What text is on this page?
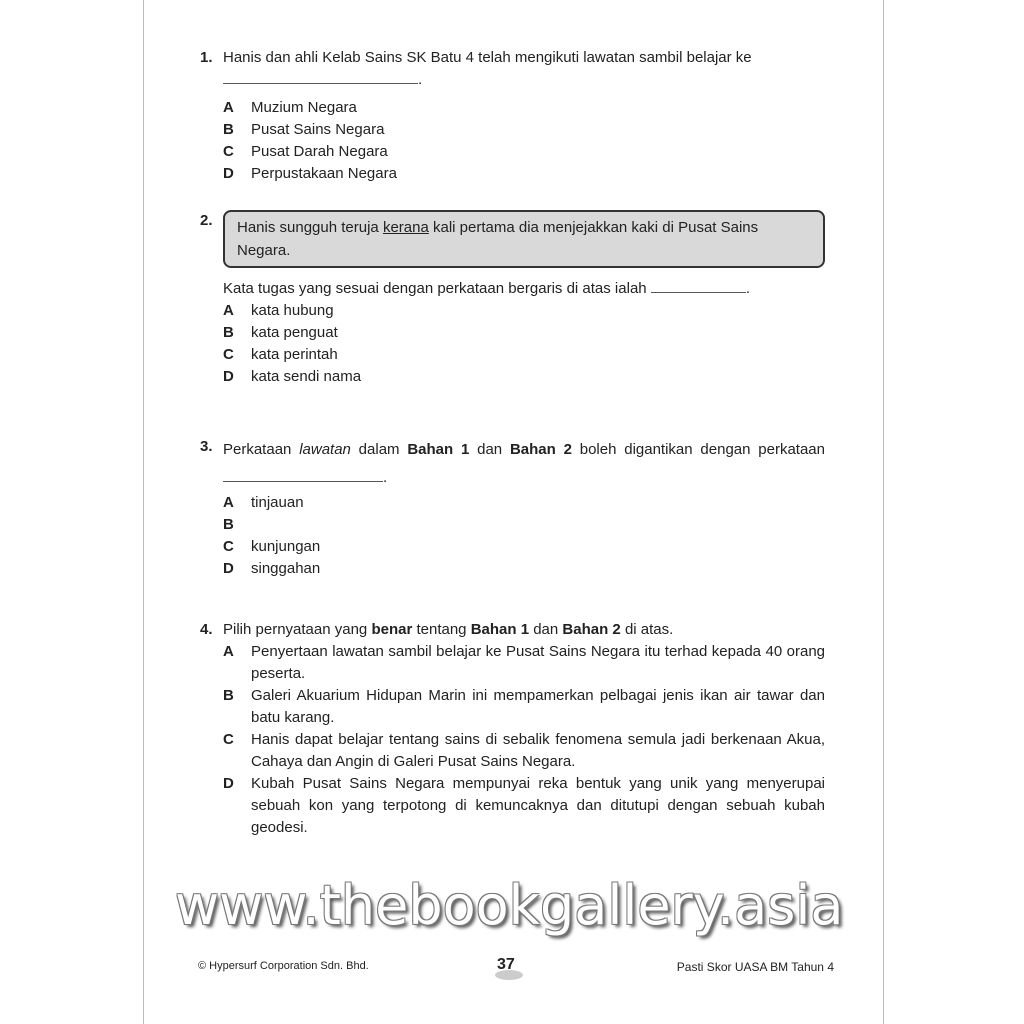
1. Hanis dan ahli Kelab Sains SK Batu 4 telah mengikuti lawatan sambil belajar ke
.
A	Muzium Negara
B	Pusat Sains Negara
C	Pusat Darah Negara
D	Perpustakaan Negara
2.	Hanis sungguh teruja kerana kali pertama dia menjejakkan kaki di Pusat Sains Negara.
Kata tugas yang sesuai dengan perkataan bergaris di atas ialah	.
A	kata hubung
B	kata penguat
C	kata perintah
D	kata sendi nama
3. Perkataan lawatan dalam Bahan 1 dan Bahan 2 boleh digantikan dengan perkataan .
A	tinjauan
B
C	kunjungan
D	singgahan
4. Pilih pernyataan yang benar tentang Bahan 1 dan Bahan 2 di atas.
A	Penyertaan lawatan sambil belajar ke Pusat Sains Negara itu terhad kepada 40 orang peserta.
B	Galeri Akuarium Hidupan Marin ini mempamerkan pelbagai jenis ikan air tawar dan batu karang.
C	Hanis dapat belajar tentang sains di sebalik fenomena semula jadi berkenaan Akua, Cahaya dan Angin di Galeri Pusat Sains Negara.
D	Kubah Pusat Sains Negara mempunyai reka bentuk yang unik yang menyerupai sebuah kon yang terpotong di kemuncaknya dan ditutupi dengan sebuah kubah geodesi.
www.thebookgallery.asia
© Hypersurf Corporation Sdn. Bhd.	37	Pasti Skor UASA BM Tahun 4
